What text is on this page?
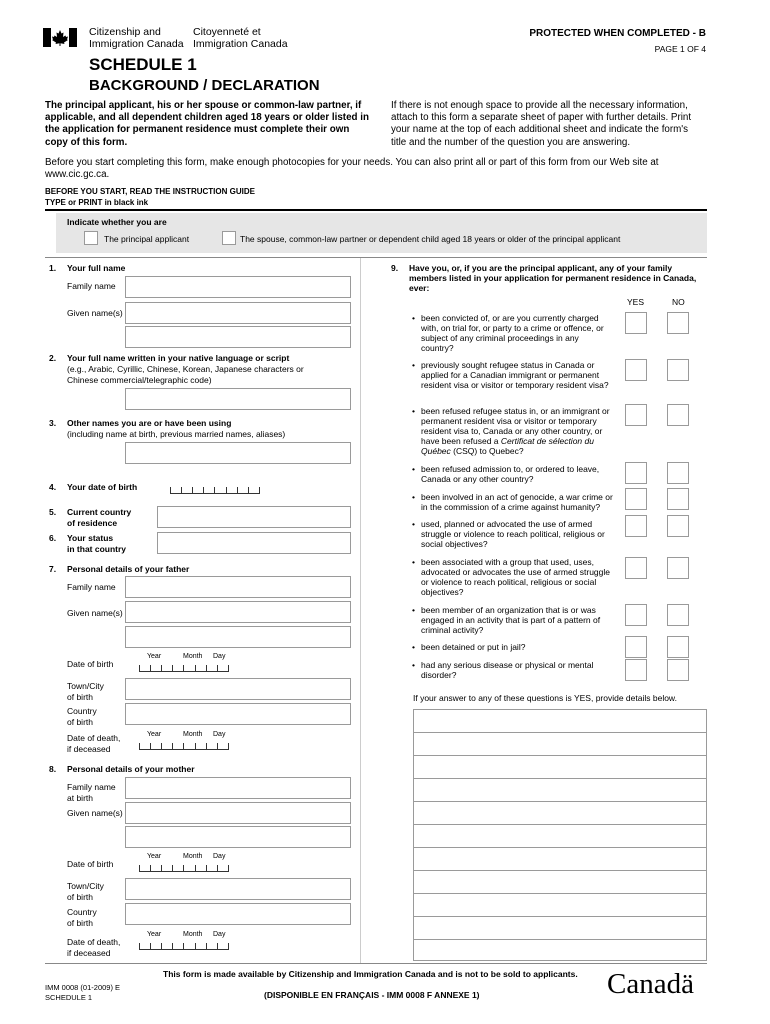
Citizenship and
Immigration Canada
Citoyenneté et
Immigration Canada
PROTECTED WHEN COMPLETED - B
PAGE 1 OF 4
SCHEDULE 1
BACKGROUND / DECLARATION
The principal applicant, his or her spouse or common-law partner, if applicable, and all dependent children aged 18 years or older listed in the application for permanent residence must complete their own copy of this form.
If there is not enough space to provide all the necessary information, attach to this form a separate sheet of paper with further details. Print your name at the top of each additional sheet and indicate the form's title and the number of the question you are answering.
Before you start completing this form, make enough photocopies for your needs. You can also print all or part of this form from our Web site at www.cic.gc.ca.
BEFORE YOU START, READ THE INSTRUCTION GUIDE
TYPE or PRINT in black ink
Indicate whether you are
The principal applicant	The spouse, common-law partner or dependent child aged 18 years or older of the principal applicant
1. Your full name
Family name
Given name(s)
2. Your full name written in your native language or script
(e.g., Arabic, Cyrillic, Chinese, Korean, Japanese characters or
Chinese commercial/telegraphic code)
3. Other names you are or have been using
(including name at birth, previous married names, aliases)
4. Your date of birth
5. Current country
of residence
6. Your status
in that country
7. Personal details of your father
Family name
Given name(s)
Year	Month Day
Date of birth
Town/City
of birth
Country
of birth
Year	Month Day
Date of death,
if deceased
8. Personal details of your mother
Family name
at birth
Given name(s)
Year	Month Day
Date of birth
Town/City
of birth
Country
of birth
Year	Month Day
Date of death,
if deceased
9. Have you, or, if you are the principal applicant, any of your family members listed in your application for permanent residence in Canada, ever:
YES	NO
• been convicted of, or are you currently charged with, on trial for, or party to a crime or offence, or subject of any criminal proceedings in any country?
• previously sought refugee status in Canada or applied for a Canadian immigrant or permanent resident visa or visitor or temporary resident visa?
• been refused refugee status in, or an immigrant or permanent resident visa or visitor or temporary resident visa to, Canada or any other country, or have been refused a Certificat de sélection du Québec (CSQ) to Quebec?
• been refused admission to, or ordered to leave, Canada or any other country?
• been involved in an act of genocide, a war crime or in the commission of a crime against humanity?
• used, planned or advocated the use of armed struggle or violence to reach political, religious or social objectives?
• been associated with a group that used, uses, advocated or advocates the use of armed struggle or violence to reach political, religious or social objectives?
• been member of an organization that is or was engaged in an activity that is part of a pattern of criminal activity?
• been detained or put in jail?
• had any serious disease or physical or mental disorder?
If your answer to any of these questions is YES, provide details below.
This form is made available by Citizenship and Immigration Canada and is not to be sold to applicants.
IMM 0008 (01-2009) E
SCHEDULE 1	(DISPONIBLE EN FRANÇAIS - IMM 0008 F ANNEXE 1)	Canadä
